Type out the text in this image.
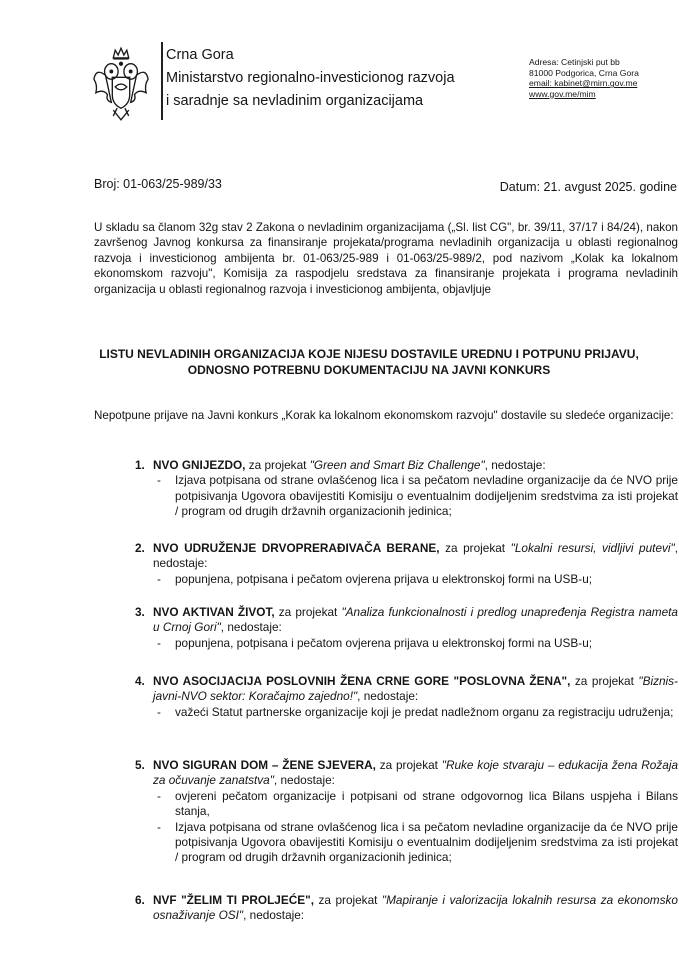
Crna Gora
Ministarstvo regionalno-investicionog razvoja
i saradnje sa nevladinim organizacijama
Adresa: Cetinjski put bb
81000 Podgorica, Crna Gora
email: kabinet@mirn.gov.me
www.gov.me/mim
Broj: 01-063/25-989/33	Datum: 21. avgust 2025. godine

U skladu sa članom 32g stav 2 Zakona o nevladinim organizacijama („Sl. list CG", br. 39/11, 37/17 i 84/24), nakon završenog Javnog konkursa za finansiranje projekata/programa nevladinih organizacija u oblasti regionalnog razvoja i investicionog ambijenta br. 01-063/25-989 i 01-063/25-989/2, pod nazivom „Kolak ka lokalnom ekonomskom razvoju", Komisija za raspodjelu sredstava za finansiranje projekata i programa nevladinih organizacija u oblasti regionalnog razvoja i investicionog ambijenta, objavljuje

LISTU NEVLADINIH ORGANIZACIJA KOJE NIJESU DOSTAVILE UREDNU I POTPUNU PRIJAVU, ODNOSNO POTREBNU DOKUMENTACIJU NA JAVNI KONKURS

Nepotpune prijave na Javni konkurs „Korak ka lokalnom ekonomskom razvoju" dostavile su sledeće organizacije:

1. NVO GNIJEZDO, za projekat "Green and Smart Biz Challenge", nedostaje:

- Izjava potpisana od strane ovlašćenog lica i sa pečatom nevladine organizacije da će NVO prije potpisivanja Ugovora obavijestiti Komisiju o eventualnim dodijeljenim sredstvima za isti projekat / program od drugih državnih organizacionih jedinica;
2. NVO UDRUŽENJE DRVOPRERAĐIVAČA BERANE, za projekat "Lokalni resursi, vidljivi putevi", nedostaje:

- popunjena, potpisana i pečatom ovjerena prijava u elektronskoj formi na USB-u;
3. NVO AKTIVAN ŽIVOT, za projekat "Analiza funkcionalnosti i predlog unapređenja Registra nameta u Crnoj Gori", nedostaje:

- popunjena, potpisana i pečatom ovjerena prijava u elektronskoj formi na USB-u;
4. NVO ASOCIJACIJA POSLOVNIH ŽENA CRNE GORE "POSLOVNA ŽENA", za projekat "Biznis-javni-NVO sektor: Koračajmo zajedno!", nedostaje:

- važeći Statut partnerske organizacije koji je predat nadležnom organu za registraciju udruženja;
5. NVO SIGURAN DOM – ŽENE SJEVERA, za projekat "Ruke koje stvaraju – edukacija žena Rožaja za očuvanje zanatstva", nedostaje:

- ovjereni pečatom organizacije i potpisani od strane odgovornog lica Bilans uspjeha i Bilans stanja,
- Izjava potpisana od strane ovlašćenog lica i sa pečatom nevladine organizacije da će NVO prije potpisivanja Ugovora obavijestiti Komisiju o eventualnim dodijeljenim sredstvima za isti projekat / program od drugih državnih organizacionih jedinica;
6. NVF "ŽELIM TI PROLJEĆE", za projekat "Mapiranje i valorizacija lokalnih resursa za ekonomsko osnaživanje OSI", nedostaje:
